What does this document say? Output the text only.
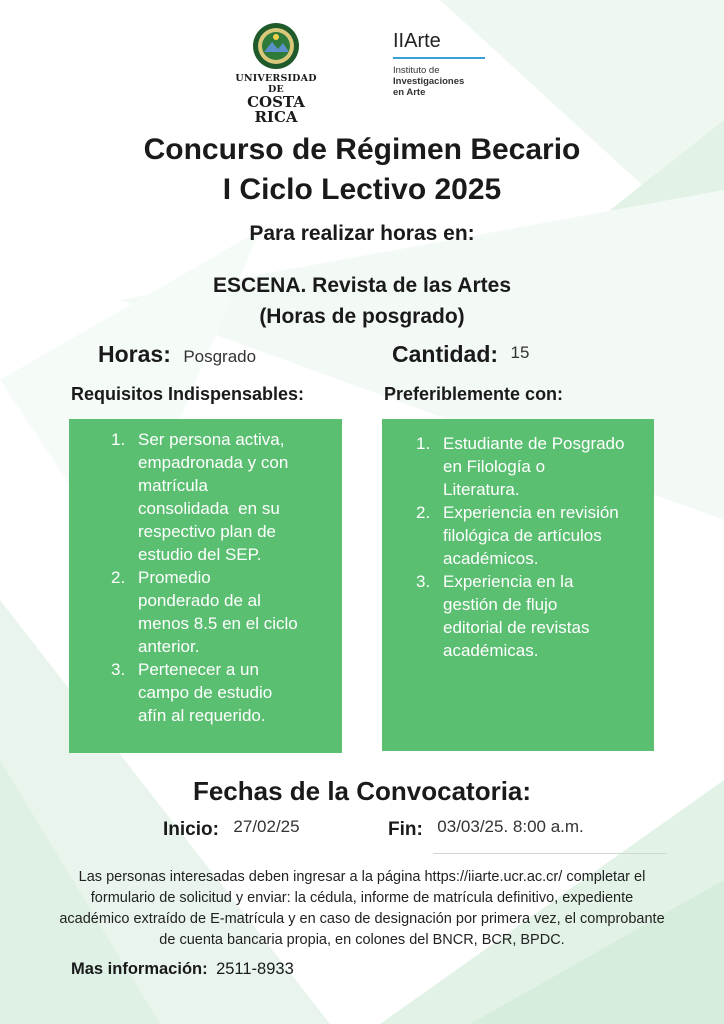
UNIVERSIDAD DE
COSTA RICA
IIArte
Instituto de
Investigaciones
en Arte
Concurso de Régimen Becario
I Ciclo Lectivo 2025
Para realizar horas en:
ESCENA. Revista de las Artes
(Horas de posgrado)
Horas: Posgrado	Cantidad: 15
Requisitos Indispensables:	Preferiblemente con:
1. Ser persona activa,
empadronada y con
matrícula
consolidada  en su
respectivo plan de
estudio del SEP.
2. Promedio
ponderado de al
menos 8.5 en el ciclo
anterior.
3. Pertenecer a un
campo de estudio
afín al requerido.
1. Estudiante de Posgrado
en Filología o
Literatura.
2. Experiencia en revisión
filológica de artículos
académicos.
3. Experiencia en la
gestión de flujo
editorial de revistas
académicas.
Fechas de la Convocatoria:
Inicio: 27/02/25	Fin: 03/03/25. 8:00 a.m.
Las personas interesadas deben ingresar a la página https://iiarte.ucr.ac.cr/ completar el
formulario de solicitud y enviar: la cédula, informe de matrícula definitivo, expediente
académico extraído de E-matrícula y en caso de designación por primera vez, el comprobante
de cuenta bancaria propia, en colones del BNCR, BCR, BPDC.
Mas información: 2511-8933
